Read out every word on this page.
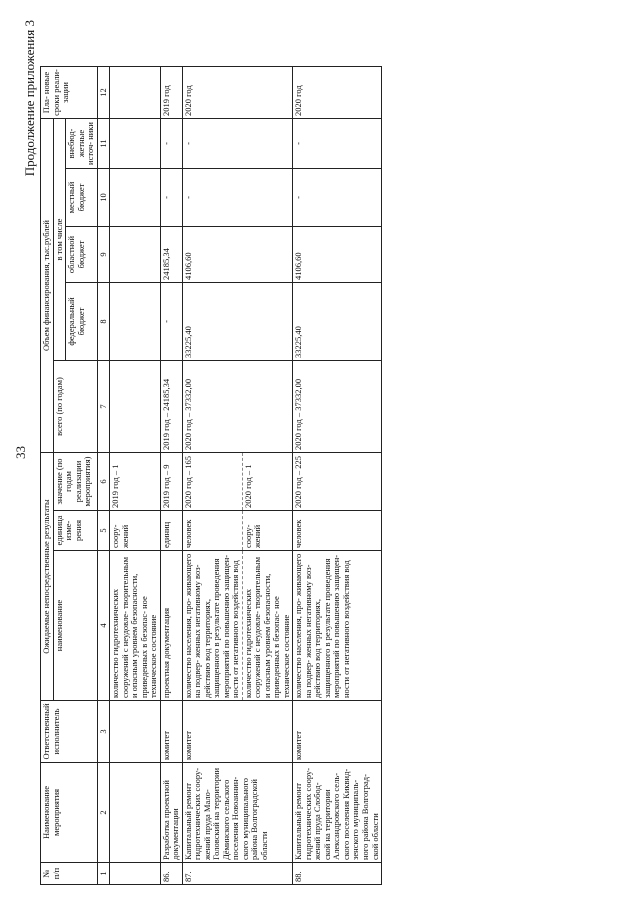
33
Продолжение приложения 3
№ п/п	Наименование мероприятия	Ответственный исполнитель	Ожидаемые непосредственные результаты			Объем финансирования, тыс.рублей					Пла- новые сроки реали- зации
			наименование	единица изме- рения	значение (по годам реализации мероприятия)	всего (по годам)	в том числе				
							федеральный бюджет	областной бюджет	местный бюджет	внебюд- жетные источ- ники	
1	2	3	4	5	6	7	8	9	10	11	12
			количество гидротехнических сооружений с неудовле- творительным и опасным уровнем безопасности, приведенных в безопас- ное техническое состояние	соору- жений	2019 год – 1						
86.	Разработка проектной документации	комитет	проектная документация	единиц	2019 год – 9	2019 год – 24185,34	-	24185,34	-	-	2019 год
87.	Капитальный ремонт гидротехнических соору- жений пруда Мало- Головский на территории Дёминского сельского поселения Новоаннин- ского муниципального района Волгоградской области	комитет	количество населения, про- живающего на подвер- женных негативному воз- действию вод территориях, защищенного в результате проведения мероприятий по повышению защищен- ности от негативного воздействия вод	человек	2020 год – 165	2020 год – 37332,00	33225,40	4106,60	-	-	2020 год
			количество гидротехнических сооружений с неудовле- творительным и опасным уровнем безопасности, приведенных в безопас- ное техническое состояние	соору- жений	2020 год – 1						
88.	Капитальный ремонт гидротехнических соору- жений пруда Слобод- ской на территории Александровского сель- ского поселения Киквид- зенского муниципаль- ного района Волгоград- ской области	комитет	количество населения, про- живающего на подвер- женных негативному воз- действию вод территориях, защищенного в результате проведения мероприятий по повышению защищен- ности от негативного воздействия вод	человек	2020 год – 225	2020 год – 37332,00	33225,40	4106,60	-	-	2020 год
